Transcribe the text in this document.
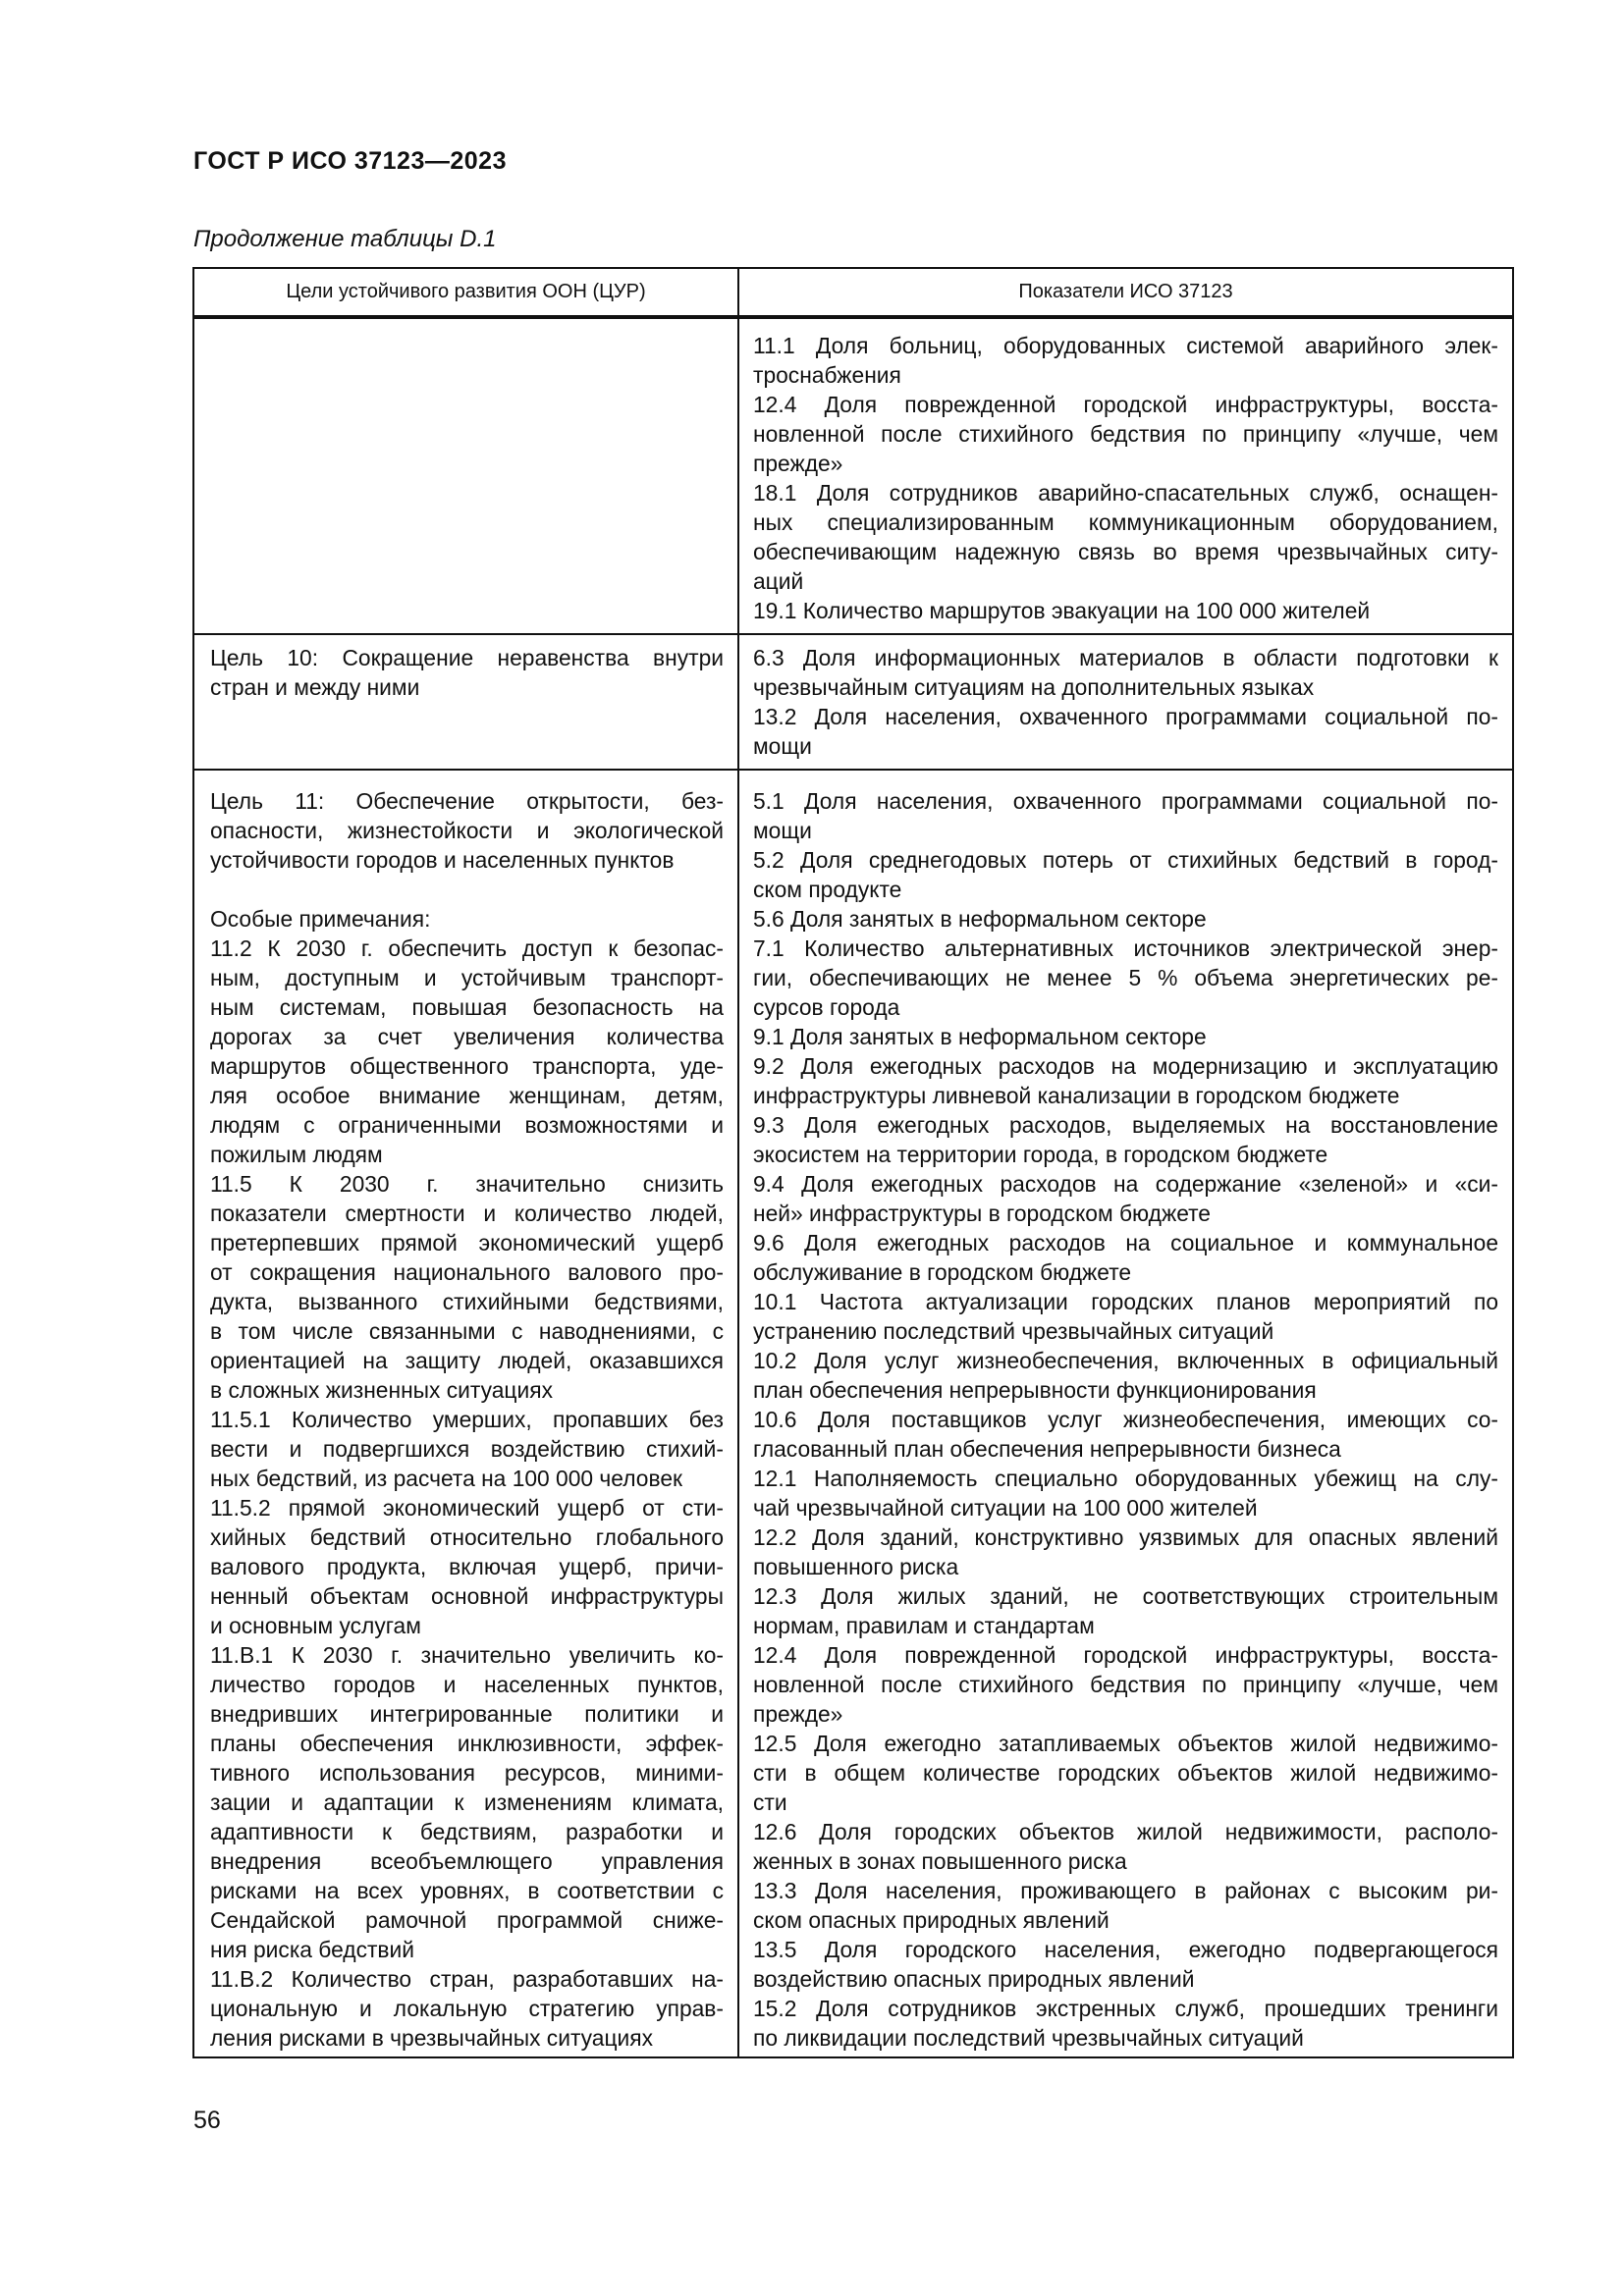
ГОСТ Р ИСО 37123—2023
Продолжение таблицы D.1
Цели устойчивого развития ООН (ЦУР)	Показатели ИСО 37123
11.1 Доля больниц, оборудованных системой аварийного элек-
троснабжения
12.4 Доля поврежденной городской инфраструктуры, восста-
новленной после стихийного бедствия по принципу «лучше, чем
прежде»
18.1 Доля сотрудников аварийно-спасательных служб, оснащен-
ных специализированным коммуникационным оборудованием,
обеспечивающим надежную связь во время чрезвычайных ситу-
аций
19.1 Количество маршрутов эвакуации на 100 000 жителей
Цель 10: Сокращение неравенства внутри
стран и между ними
6.3 Доля информационных материалов в области подготовки к
чрезвычайным ситуациям на дополнительных языках
13.2 Доля населения, охваченного программами социальной по-
мощи
Цель 11: Обеспечение открытости, без-
опасности, жизнестойкости и экологической
устойчивости городов и населенных пунктов
Особые примечания:
11.2 К 2030 г. обеспечить доступ к безопас-
ным, доступным и устойчивым транспорт-
ным системам, повышая безопасность на
дорогах за счет увеличения количества
маршрутов общественного транспорта, уде-
ляя особое внимание женщинам, детям,
людям с ограниченными возможностями и
пожилым людям
11.5 К 2030 г. значительно снизить
показатели смертности и количество людей,
претерпевших прямой экономический ущерб
от сокращения национального валового про-
дукта, вызванного стихийными бедствиями,
в том числе связанными с наводнениями, с
ориентацией на защиту людей, оказавшихся
в сложных жизненных ситуациях
11.5.1 Количество умерших, пропавших без
вести и подвергшихся воздействию стихий-
ных бедствий, из расчета на 100 000 человек
11.5.2 прямой экономический ущерб от сти-
хийных бедствий относительно глобального
валового продукта, включая ущерб, причи-
ненный объектам основной инфраструктуры
и основным услугам
11.В.1 К 2030 г. значительно увеличить ко-
личество городов и населенных пунктов,
внедривших интегрированные политики и
планы обеспечения инклюзивности, эффек-
тивного использования ресурсов, миними-
зации и адаптации к изменениям климата,
адаптивности к бедствиям, разработки и
внедрения всеобъемлющего управления
рисками на всех уровнях, в соответствии с
Сендайской рамочной программой сниже-
ния риска бедствий
11.В.2 Количество стран, разработавших на-
циональную и локальную стратегию управ-
ления рисками в чрезвычайных ситуациях
5.1 Доля населения, охваченного программами социальной по-
мощи
5.2 Доля среднегодовых потерь от стихийных бедствий в город-
ском продукте
5.6 Доля занятых в неформальном секторе
7.1 Количество альтернативных источников электрической энер-
гии, обеспечивающих не менее 5 % объема энергетических ре-
сурсов города
9.1 Доля занятых в неформальном секторе
9.2 Доля ежегодных расходов на модернизацию и эксплуатацию
инфраструктуры ливневой канализации в городском бюджете
9.3 Доля ежегодных расходов, выделяемых на восстановление
экосистем на территории города, в городском бюджете
9.4 Доля ежегодных расходов на содержание «зеленой» и «си-
ней» инфраструктуры в городском бюджете
9.6 Доля ежегодных расходов на социальное и коммунальное
обслуживание в городском бюджете
10.1 Частота актуализации городских планов мероприятий по
устранению последствий чрезвычайных ситуаций
10.2 Доля услуг жизнеобеспечения, включенных в официальный
план обеспечения непрерывности функционирования
10.6 Доля поставщиков услуг жизнеобеспечения, имеющих со-
гласованный план обеспечения непрерывности бизнеса
12.1 Наполняемость специально оборудованных убежищ на слу-
чай чрезвычайной ситуации на 100 000 жителей
12.2 Доля зданий, конструктивно уязвимых для опасных явлений
повышенного риска
12.3 Доля жилых зданий, не соответствующих строительным
нормам, правилам и стандартам
12.4 Доля поврежденной городской инфраструктуры, восста-
новленной после стихийного бедствия по принципу «лучше, чем
прежде»
12.5 Доля ежегодно затапливаемых объектов жилой недвижимо-
сти в общем количестве городских объектов жилой недвижимо-
сти
12.6 Доля городских объектов жилой недвижимости, располо-
женных в зонах повышенного риска
13.3 Доля населения, проживающего в районах с высоким ри-
ском опасных природных явлений
13.5 Доля городского населения, ежегодно подвергающегося
воздействию опасных природных явлений
15.2 Доля сотрудников экстренных служб, прошедших тренинги
по ликвидации последствий чрезвычайных ситуаций
56
